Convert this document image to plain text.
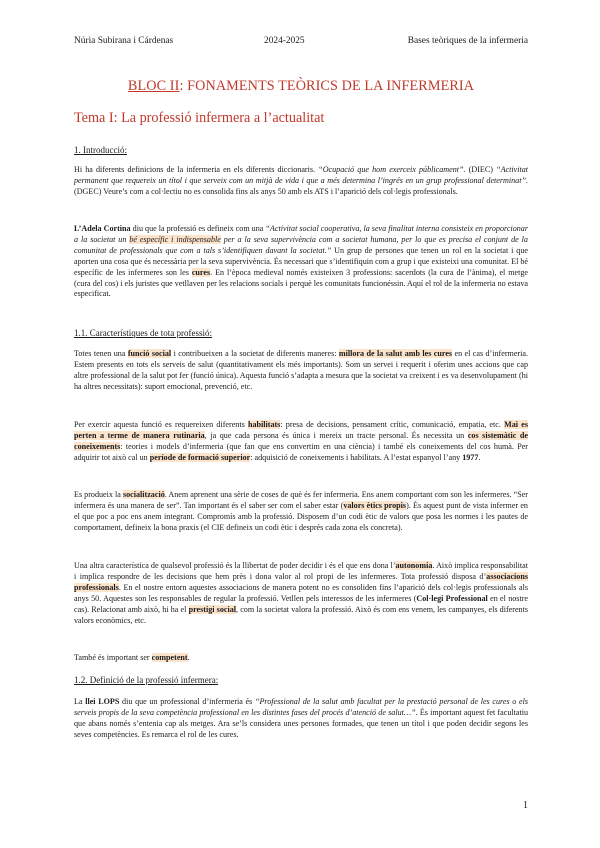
Núria Subirana i Cárdenas	2024-2025	Bases teòriques de la infermeria
BLOC II: FONAMENTS TEÒRICS DE LA INFERMERIA
Tema I: La professió infermera a l’actualitat
1. Introducció:

Hi ha diferents definicions de la infermeria en els diferents diccionaris. “Ocupació que hom exerceix públicament”. (DIEC) “Activitat permanent que requereix un títol i que serveix com un mitjà de vida i que a més determina l’ingrés en un grup professional determinat”. (DGEC) Veure’s com a col·lectiu no es consolida fins als anys 50 amb els ATS i l’aparició dels col·legis professionals.

L’Adela Cortina diu que la professió es defineix com una “Activitat social cooperativa, la seva finalitat interna consisteix en proporcionar a la societat un bé específic i indispensable per a la seva supervivència com a societat humana, per lo que es precisa el conjunt de la comunitat de professionals que com a tals s’identifiquen davant la societat.” Un grup de persones que tenen un rol en la societat i que aporten una cosa que és necessària per la seva supervivència. És necessari que s’identifiquin com a grup i que existeixi una comunitat. El bé específic de les infermeres son les cures. En l’època medieval només existeixen 3 professions: sacerdots (la cura de l’ànima), el metge (cura del cos) i els juristes que vetllaven per les relacions socials i perquè les comunitats funcionéssin. Aquí el rol de la infermeria no estava especificat.

1.1. Característiques de tota professió:

Totes tenen una funció social i contribueixen a la societat de diferents maneres: millora de la salut amb les cures en el cas d’infermeria. Estem presents en tots els serveis de salut (quantitativament els més importants). Som un servei i requerit i oferim unes accions que cap altre professional de la salut pot fer (funció única). Aquesta funció s’adapta a mesura que la societat va creixent i es va desenvolupament (hi ha altres necessitats): suport emocional, prevenció, etc.

Per exercir aquesta funció es requereixen diferents habilitats: presa de decisions, pensament crític, comunicació, empatia, etc. Mai es perten a terme de manera rutinaria, ja que cada persona és única i mereix un tracte personal. És necessita un cos sistemàtic de coneixements: teories i models d’infermeria (que fan que ens convertim en una ciència) i també els coneixements del cos humà. Per adquirir tot això cal un període de formació superior: adquisició de coneixements i habilitats. A l’estat espanyol l’any 1977.

Es produeix la socialització. Anem aprenent una sèrie de coses de què és fer infermeria. Ens anem comportant com son les infermeres. “Ser infermera és una manera de ser”. Tan important és el saber ser com el saber estar (valors ètics propis). És aquest punt de vista infermer en el que poc a poc ens anem integrant. Compromís amb la professió. Disposem d’un codi ètic de valors que posa les normes i les pautes de comportament, defineix la bona praxis (el CIE defineix un codi ètic i després cada zona els concreta).

Una altra característica de qualsevol professió és la llibertat de poder decidir i és el que ens dona l’autonomia. Això implica responsabilitat i implica respondre de les decisions que hem près i dona valor al rol propi de les infermeres. Tota professió disposa d’associacions professionals. En el nostre entorn aquestes associacions de manera potent no es consoliden fins l’aparició dels col·legis professionals als anys 50. Aquestes son les responsables de regular la professió. Vetllen pels interessos de les infermeres (Col·legi Professional en el nostre cas). Relacionat amb això, hi ha el prestigi social, com la societat valora la professió. Això és com ens venem, les campanyes, els diferents valors econòmics, etc.

També és important ser competent.

1.2. Definició de la professió infermera:

La llei LOPS diu que un professional d’infermeria és “Professional de la salut amb facultat per la prestació personal de les cures o els serveis propis de la seva competència professional en les distintes fases del procés d’atenció de salut…”. És important aquest fet facultatiu que abans només s’entenia cap als metges. Ara se’ls considera unes persones formades, que tenen un títol i que poden decidir segons les seves competències. Es remarca el rol de les cures.

1
